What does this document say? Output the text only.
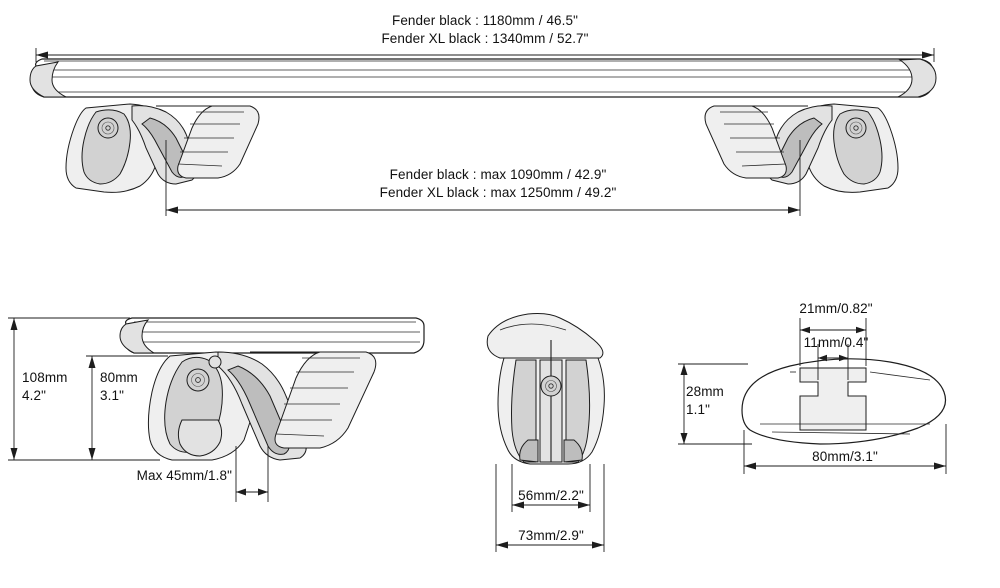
Fender black : 1180mm / 46.5"
Fender XL black : 1340mm / 52.7"
Fender black : max 1090mm / 42.9"
Fender XL black : max 1250mm / 49.2"
108mm
4.2"
80mm
3.1"
Max 45mm/1.8"
56mm/2.2"
73mm/2.9"
21mm/0.82"
11mm/0.4"
28mm
1.1"
80mm/3.1"
